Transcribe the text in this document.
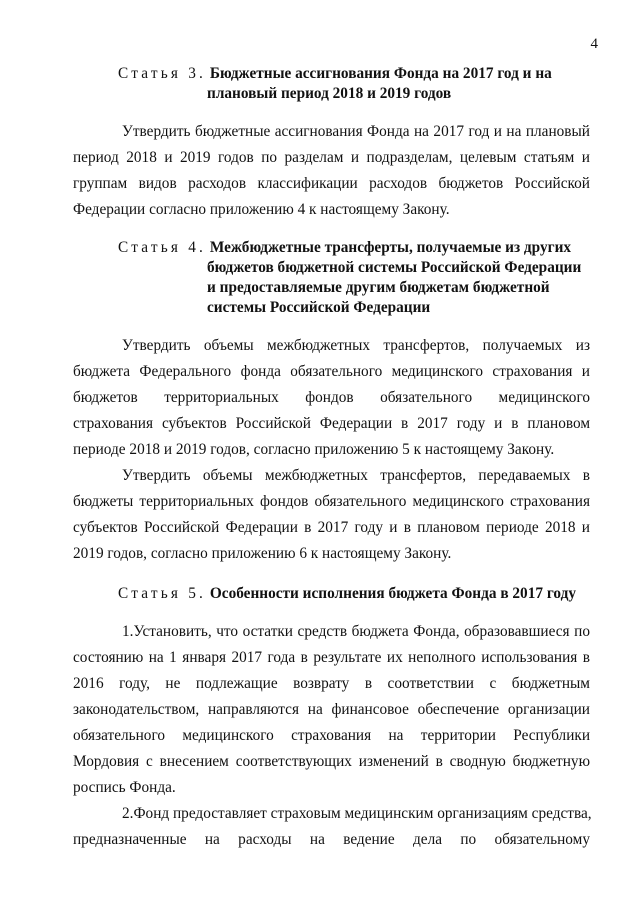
4
Статья 3. Бюджетные ассигнования Фонда на 2017 год и на
плановый период 2018 и 2019 годов
Утвердить бюджетные ассигнования Фонда на 2017 год и на плановый
период 2018 и 2019 годов по разделам и подразделам, целевым статьям и
группам видов расходов классификации расходов бюджетов Российской
Федерации согласно приложению 4 к настоящему Закону.
Статья 4. Межбюджетные трансферты, получаемые из других
бюджетов бюджетной системы Российской Федерации
и предоставляемые другим бюджетам бюджетной
системы Российской Федерации
Утвердить объемы межбюджетных трансфертов, получаемых из
бюджета Федерального фонда обязательного медицинского страхования и
бюджетов территориальных фондов обязательного медицинского
страхования субъектов Российской Федерации в 2017 году и в плановом
периоде 2018 и 2019 годов, согласно приложению 5 к настоящему Закону.
Утвердить объемы межбюджетных трансфертов, передаваемых в
бюджеты территориальных фондов обязательного медицинского страхования
субъектов Российской Федерации в 2017 году и в плановом периоде 2018 и
2019 годов, согласно приложению 6 к настоящему Закону.
Статья 5. Особенности исполнения бюджета Фонда в 2017 году
1.Установить, что остатки средств бюджета Фонда, образовавшиеся по
состоянию на 1 января 2017 года в результате их неполного использования в
2016 году, не подлежащие возврату в соответствии с бюджетным
законодательством, направляются на финансовое обеспечение организации
обязательного медицинского страхования на территории Республики
Мордовия с внесением соответствующих изменений в сводную бюджетную
роспись Фонда.
2.Фонд предоставляет страховым медицинским организациям средства,
предназначенные на расходы на ведение дела по обязательному
